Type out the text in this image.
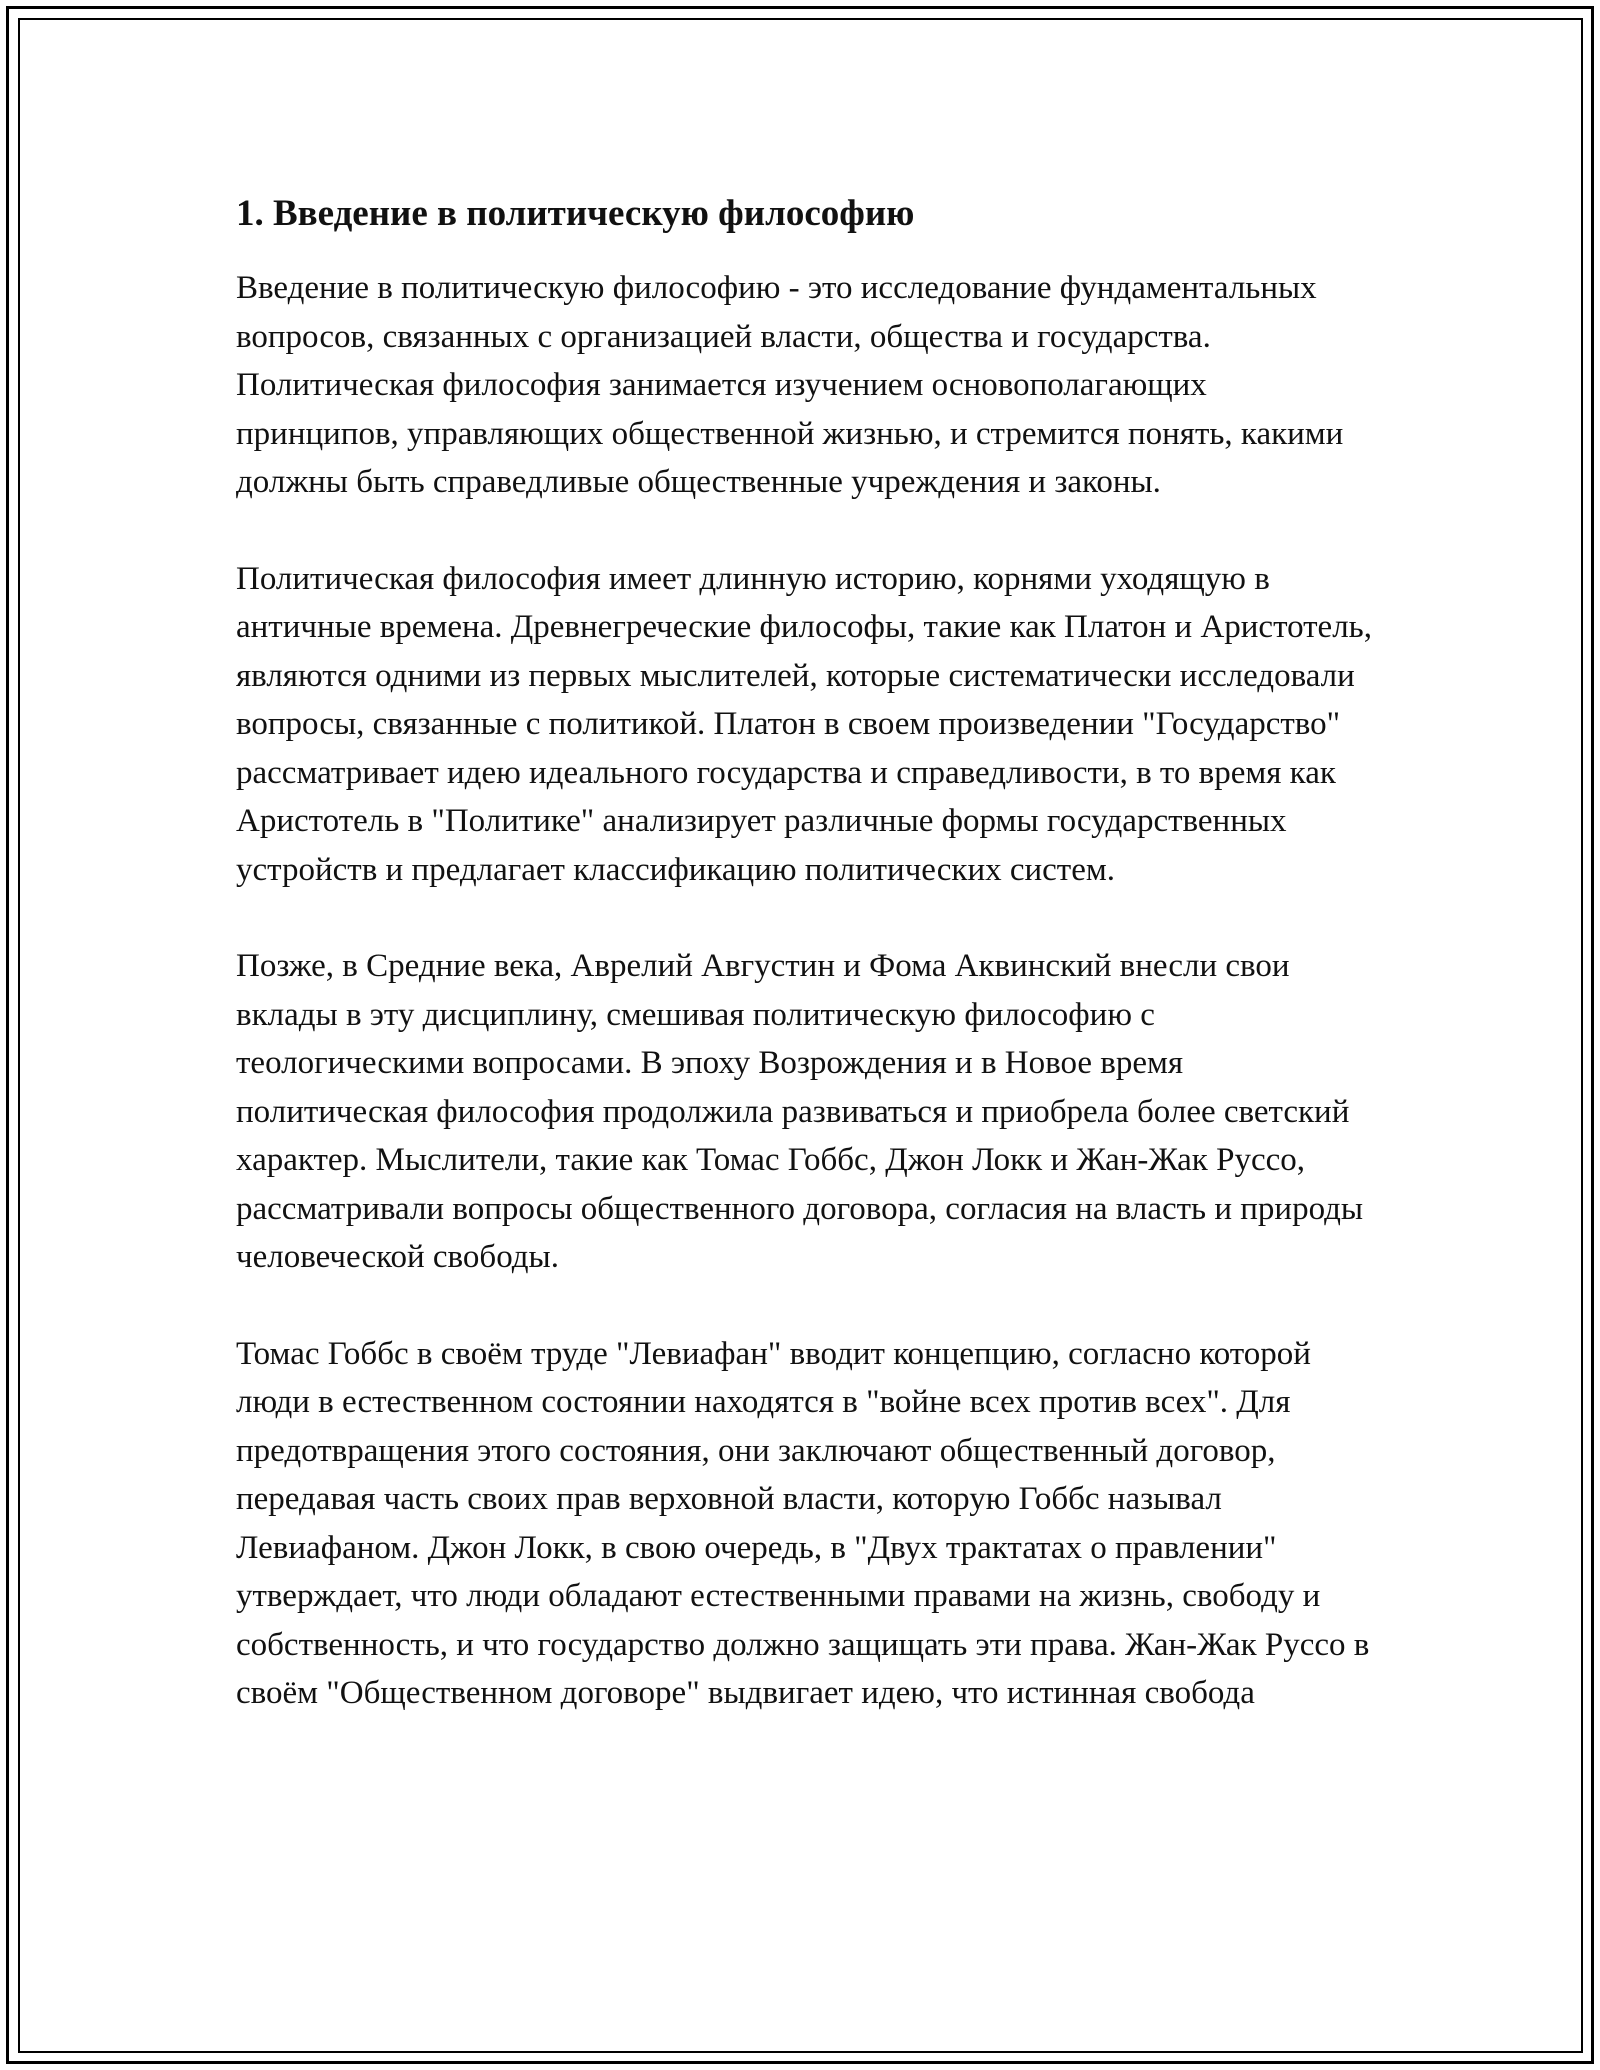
1. Введение в политическую философию

Введение в политическую философию - это исследование фундаментальных вопросов, связанных с организацией власти, общества и государства. Политическая философия занимается изучением основополагающих принципов, управляющих общественной жизнью, и стремится понять, какими должны быть справедливые общественные учреждения и законы.

Политическая философия имеет длинную историю, корнями уходящую в античные времена. Древнегреческие философы, такие как Платон и Аристотель, являются одними из первых мыслителей, которые систематически исследовали вопросы, связанные с политикой. Платон в своем произведении "Государство" рассматривает идею идеального государства и справедливости, в то время как Аристотель в "Политике" анализирует различные формы государственных устройств и предлагает классификацию политических систем.

Позже, в Средние века, Аврелий Августин и Фома Аквинский внесли свои вклады в эту дисциплину, смешивая политическую философию с теологическими вопросами. В эпоху Возрождения и в Новое время политическая философия продолжила развиваться и приобрела более светский характер. Мыслители, такие как Томас Гоббс, Джон Локк и Жан-Жак Руссо, рассматривали вопросы общественного договора, согласия на власть и природы человеческой свободы.

Томас Гоббс в своём труде "Левиафан" вводит концепцию, согласно которой люди в естественном состоянии находятся в "войне всех против всех". Для предотвращения этого состояния, они заключают общественный договор, передавая часть своих прав верховной власти, которую Гоббс называл Левиафаном. Джон Локк, в свою очередь, в "Двух трактатах о правлении" утверждает, что люди обладают естественными правами на жизнь, свободу и собственность, и что государство должно защищать эти права. Жан-Жак Руссо в своём "Общественном договоре" выдвигает идею, что истинная свобода
